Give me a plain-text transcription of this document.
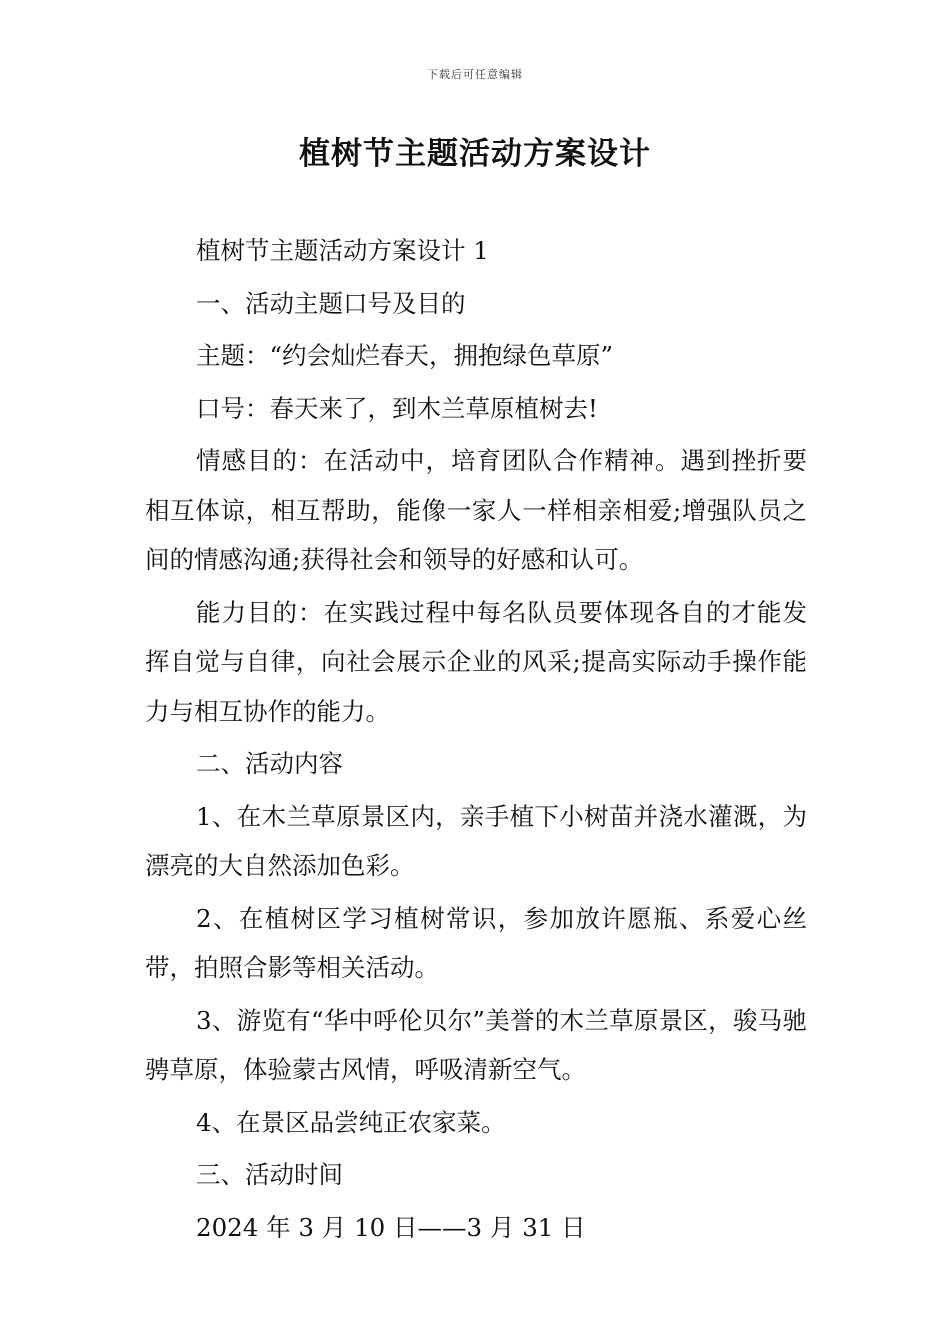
下载后可任意编辑
植树节主题活动方案设计

植树节主题活动方案设计 1

一、活动主题口号及目的

主题：“约会灿烂春天，拥抱绿色草原”

口号：春天来了，到木兰草原植树去!

情感目的：在活动中，培育团队合作精神。遇到挫折要相互体谅，相互帮助，能像一家人一样相亲相爱;增强队员之间的情感沟通;获得社会和领导的好感和认可。

能力目的：在实践过程中每名队员要体现各自的才能发挥自觉与自律，向社会展示企业的风采;提高实际动手操作能力与相互协作的能力。

二、活动内容

1、在木兰草原景区内，亲手植下小树苗并浇水灌溉，为漂亮的大自然添加色彩。

2、在植树区学习植树常识，参加放许愿瓶、系爱心丝带，拍照合影等相关活动。

3、游览有“华中呼伦贝尔”美誉的木兰草原景区，骏马驰骋草原，体验蒙古风情，呼吸清新空气。

4、在景区品尝纯正农家菜。

三、活动时间

2024 年 3 月 10 日——3 月 31 日
